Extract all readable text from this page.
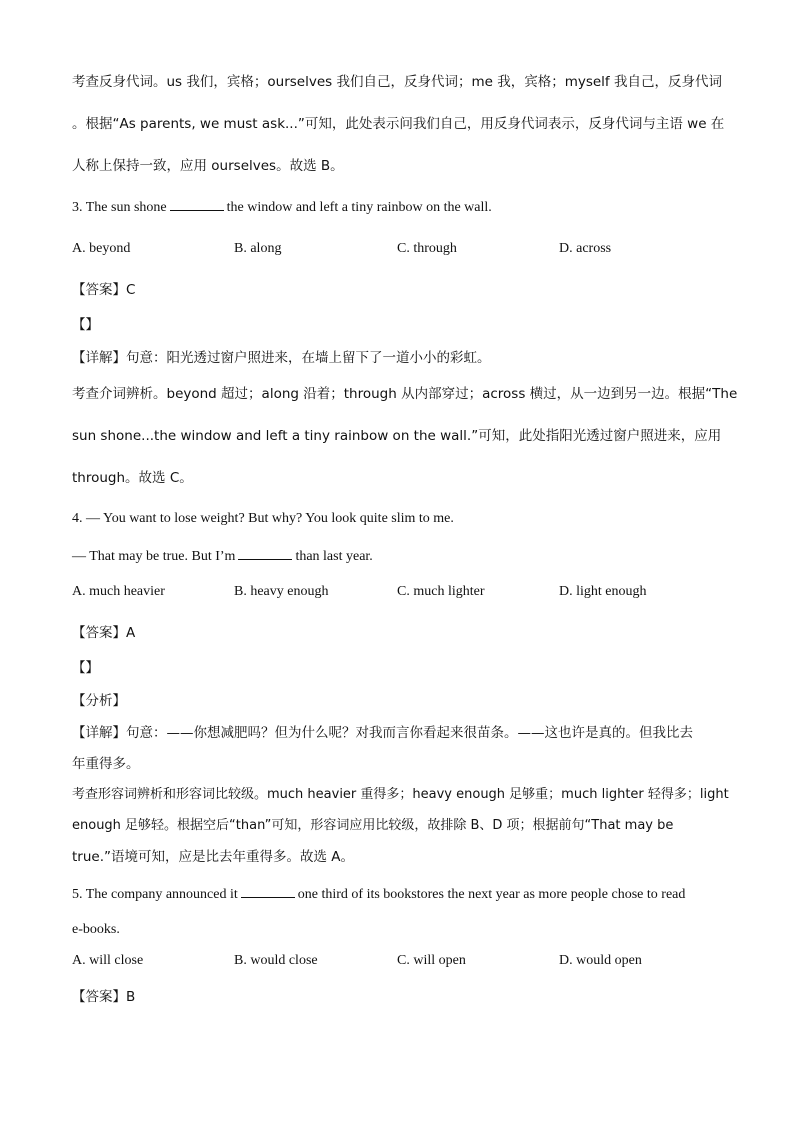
考查反身代词。us 我们，宾格；ourselves 我们自己，反身代词；me 我，宾格；myself 我自己，反身代词
。根据“As parents, we must ask...”可知，此处表示问我们自己，用反身代词表示，反身代词与主语 we 在
人称上保持一致，应用 ourselves。故选 B。
3. The sun shone	the window and left a tiny rainbow on the wall.
A. beyond	B. along	C. through	D. across
【答案】C
【】
【详解】句意：阳光透过窗户照进来，在墙上留下了一道小小的彩虹。
考查介词辨析。beyond 超过；along 沿着；through 从内部穿过；across 横过，从一边到另一边。根据“The
sun shone...the window and left a tiny rainbow on the wall.”可知，此处指阳光透过窗户照进来，应用
through。故选 C。
4. — You want to lose weight? But why? You look quite slim to me.
— That may be true. But I’m	than last year.
A. much heavier	B. heavy enough	C. much lighter	D. light enough
【答案】A
【】
【分析】
【详解】句意：——你想减肥吗？但为什么呢？对我而言你看起来很苗条。——这也许是真的。但我比去
年重得多。
考查形容词辨析和形容词比较级。much heavier 重得多；heavy enough 足够重；much lighter 轻得多；light
enough 足够轻。根据空后“than”可知，形容词应用比较级，故排除 B、D 项；根据前句“That may be
true.”语境可知，应是比去年重得多。故选 A。
5. The company announced it	one third of its bookstores the next year as more people chose to read
e-books.
A. will close	B. would close	C. will open	D. would open
【答案】B
